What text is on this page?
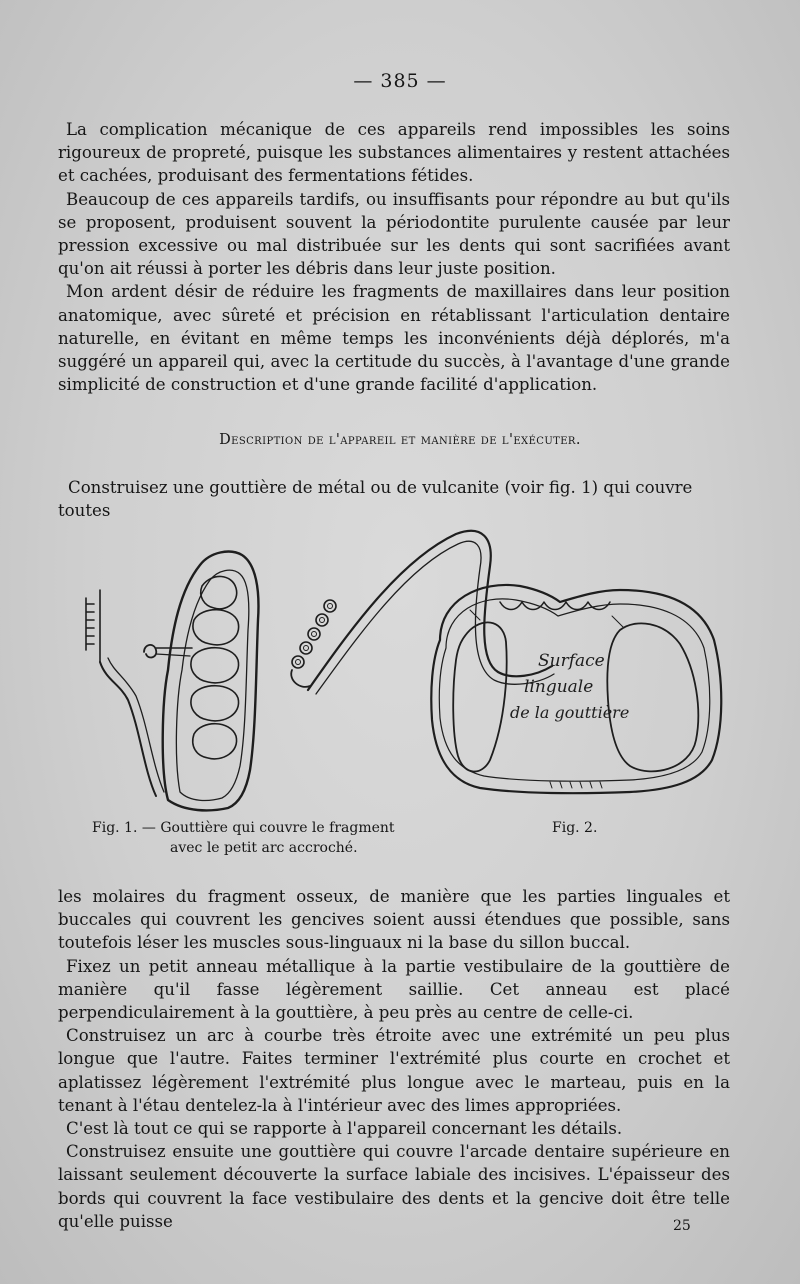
— 385 —

La complication mécanique de ces appareils rend impossibles les soins rigoureux de propreté, puisque les substances alimentaires y restent attachées et cachées, produisant des fermentations fétides.

Beaucoup de ces appareils tardifs, ou insuffisants pour répondre au but qu'ils se proposent, produisent souvent la périodontite purulente causée par leur pression excessive ou mal distribuée sur les dents qui sont sacrifiées avant qu'on ait réussi à porter les débris dans leur juste position.

Mon ardent désir de réduire les fragments de maxillaires dans leur position anatomique, avec sûreté et précision en rétablissant l'articulation dentaire naturelle, en évitant en même temps les inconvénients déjà déplorés, m'a suggéré un appareil qui, avec la certitude du succès, à l'avantage d'une grande simplicité de construction et d'une grande facilité d'application.

Description de l'appareil et manière de l'exécuter.
Construisez une gouttière de métal ou de vulcanite (voir fig. 1) qui couvre toutes
Surface
linguale
de la gouttière
Fig. 1. — Gouttière qui couvre le fragment
avec le petit arc accroché.
Fig. 2.

les molaires du fragment osseux, de manière que les parties linguales et buccales qui couvrent les gencives soient aussi étendues que possible, sans toutefois léser les muscles sous-linguaux ni la base du sillon buccal.

Fixez un petit anneau métallique à la partie vestibulaire de la gouttière de manière qu'il fasse légèrement saillie. Cet anneau est placé perpendiculairement à la gouttière, à peu près au centre de celle-ci.

Construisez un arc à courbe très étroite avec une extrémité un peu plus longue que l'autre. Faites terminer l'extrémité plus courte en crochet et aplatissez légèrement l'extrémité plus longue avec le marteau, puis en la tenant à l'étau dentelez-la à l'intérieur avec des limes appropriées.

C'est là tout ce qui se rapporte à l'appareil concernant les détails.

Construisez ensuite une gouttière qui couvre l'arcade dentaire supérieure en laissant seulement découverte la surface labiale des incisives. L'épaisseur des bords qui couvrent la face vestibulaire des dents et la gencive doit être telle qu'elle puisse	25
